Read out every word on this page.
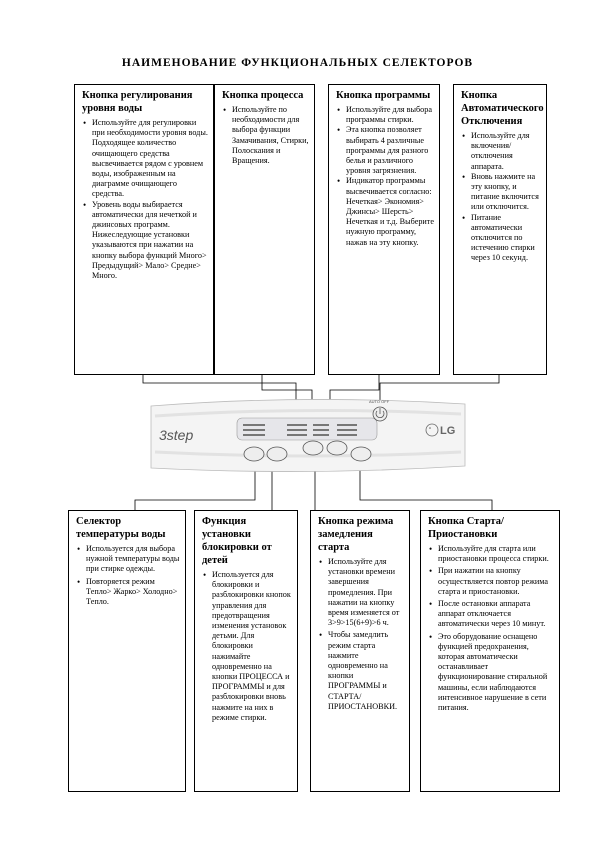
НАИМЕНОВАНИЕ ФУНКЦИОНАЛЬНЫХ СЕЛЕКТОРОВ
Кнопка регулирования уровня воды
• Используйте для регулировки при необходимости уровня воды. Подходящее количество очищающего средства высвечивается рядом с уровнем воды, изображенным на диаграмме очищающего средства.
• Уровень воды выбирается автоматически для нечеткой и джинсовых программ. Нижеследующие установки указываются при нажатии на кнопку выбора функций Много> Предыдущий> Мало> Средне> Много.
Кнопка процесса
• Используйте по необходимости для выбора функции Замачивания, Стирки, Полоскания и Вращения.
Кнопка программы
• Используйте для выбора программы стирки.
• Эта кнопка позволяет выбирать 4 различные программы для разного белья и различного уровня загрязнения.
• Индикатор программы высвечивается согласно: Нечеткая> Экономия> Джинсы> Шерсть> Нечеткая и т.д. Выберите нужную программу, нажав на эту кнопку.
Кнопка Автоматического Отключения
• Используйте для включения/отключения аппарата.
• Вновь нажмите на эту кнопку, и питание включится или отключится.
• Питание автоматически отключится по истечению стирки через 10 секунд.
3step
AUTO OFF
LG
Селектор температуры воды
• Используется для выбора нужной температуры воды при стирке одежды.
• Повторяется режим Тепло> Жарко> Холодно> Тепло.
Функция установки блокировки от детей
• Используется для блокировки и разблокировки кнопок управления для предотвращения изменения установок детьми. Для блокировки нажимайте одновременно на кнопки ПРОЦЕССА и ПРОГРАММЫ и для разблокировки вновь нажмите на них в режиме стирки.
Кнопка режима замедления старта
• Используйте для установки времени завершения промедления. При нажатии на кнопку время изменяется от 3>9>15(6+9)>6 ч.
• Чтобы замедлить режим старта нажмите одновременно на кнопки ПРОГРАММЫ и СТАРТА/ПРИОСТАНОВКИ.
Кнопка Старта/Приостановки
• Используйте для старта или приостановки процесса стирки.
• При нажатии на кнопку осуществляется повтор режима старта и приостановки.
• После остановки аппарата аппарат отключается автоматически через 10 минут.
• Это оборудование оснащено функцией предохранения, которая автоматически останавливает функционирование стиральной машины, если наблюдаются интенсивное нарушение в сети питания.
